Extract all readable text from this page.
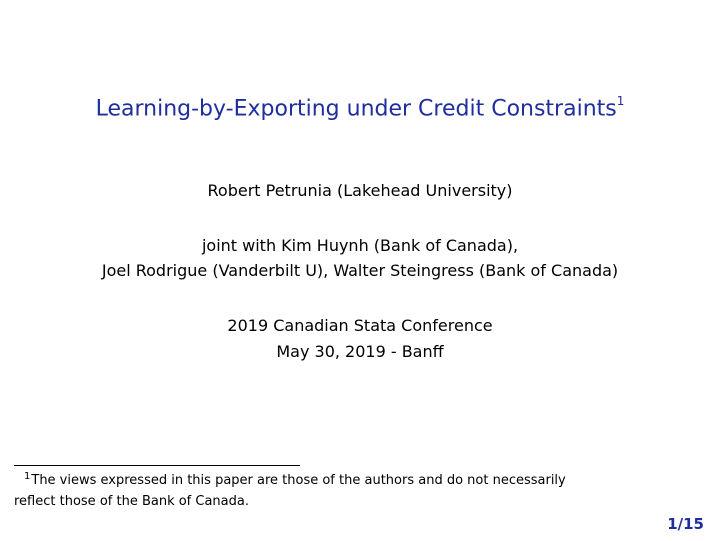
Learning-by-Exporting under Credit Constraints$^1$
Robert Petrunia (Lakehead University)
joint with Kim Huynh (Bank of Canada),
Joel Rodrigue (Vanderbilt U), Walter Steingress (Bank of Canada)
2019 Canadian Stata Conference
May 30, 2019 - Banff
$^1$The views expressed in this paper are those of the authors and do not necessarily
reflect those of the Bank of Canada.
1/15
